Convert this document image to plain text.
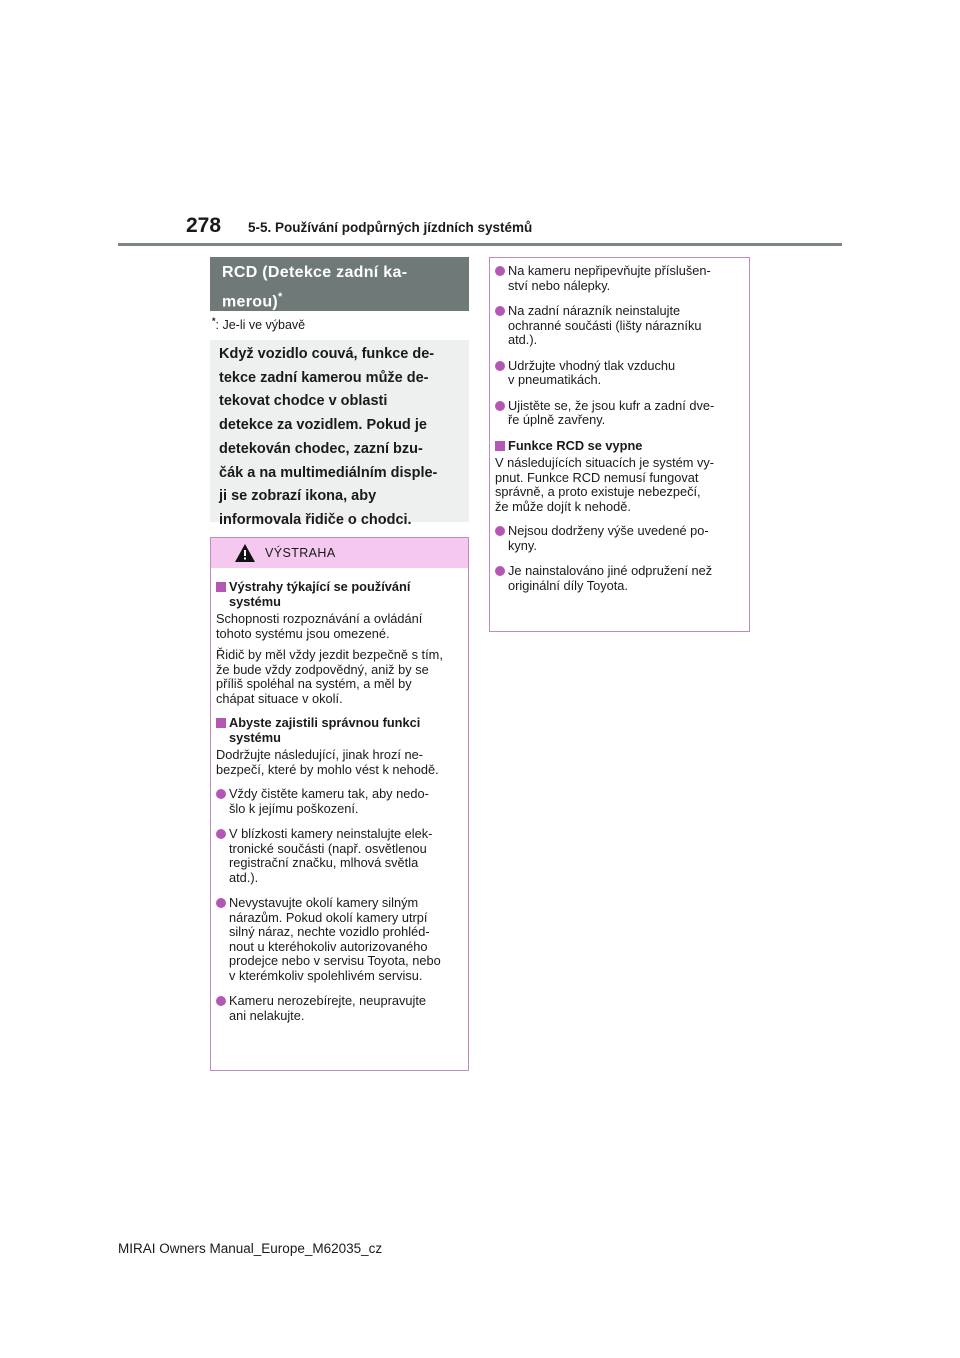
278 5-5. Používání podpůrných jízdních systémů
RCD (Detekce zadní ka-
merou)*
*: Je-li ve výbavě
Když vozidlo couvá, funkce de-
tekce zadní kamerou může de-
tekovat chodce v oblasti
detekce za vozidlem. Pokud je
detekován chodec, zazní bzu-
čák a na multimediálním disple-
ji se zobrazí ikona, aby
informovala řidiče o chodci.
VÝSTRAHA
Výstrahy týkající se používání
systému
Schopnosti rozpoznávání a ovládání
tohoto systému jsou omezené.
Řidič by měl vždy jezdit bezpečně s tím,
že bude vždy zodpovědný, aniž by se
příliš spoléhal na systém, a měl by
chápat situace v okolí.
Abyste zajistili správnou funkci
systému
Dodržujte následující, jinak hrozí ne-
bezpečí, které by mohlo vést k nehodě.
Vždy čistěte kameru tak, aby nedo-
šlo k jejímu poškození.
V blízkosti kamery neinstalujte elek-
tronické součásti (např. osvětlenou
registrační značku, mlhová světla
atd.).
Nevystavujte okolí kamery silným
nárazům. Pokud okolí kamery utrpí
silný náraz, nechte vozidlo prohléd-
nout u kteréhokoliv autorizovaného
prodejce nebo v servisu Toyota, nebo
v kterémkoliv spolehlivém servisu.
Kameru nerozebírejte, neupravujte
ani nelakujte.
Na kameru nepřipevňujte příslušen-
ství nebo nálepky.
Na zadní nárazník neinstalujte
ochranné součásti (lišty nárazníku
atd.).
Udržujte vhodný tlak vzduchu
v pneumatikách.
Ujistěte se, že jsou kufr a zadní dve-
ře úplně zavřeny.
Funkce RCD se vypne
V následujících situacích je systém vy-
pnut. Funkce RCD nemusí fungovat
správně, a proto existuje nebezpečí,
že může dojít k nehodě.
Nejsou dodrženy výše uvedené po-
kyny.
Je nainstalováno jiné odpružení než
originální díly Toyota.
MIRAI Owners Manual_Europe_M62035_cz
